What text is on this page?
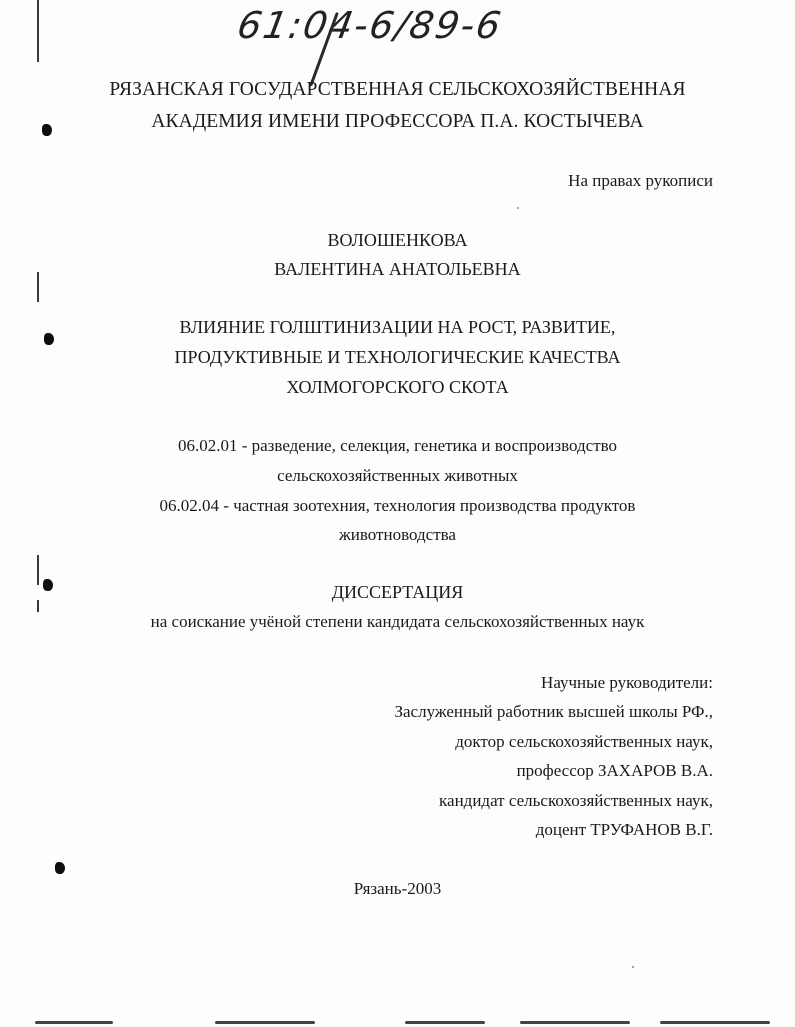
61:04-6/89-6
РЯЗАНСКАЯ ГОСУДАРСТВЕННАЯ СЕЛЬСКОХОЗЯЙСТВЕННАЯ
АКАДЕМИЯ ИМЕНИ ПРОФЕССОРА П.А. КОСТЫЧЕВА
На правах рукописи
ВОЛОШЕНКОВА
ВАЛЕНТИНА АНАТОЛЬЕВНА
ВЛИЯНИЕ ГОЛШТИНИЗАЦИИ НА РОСТ, РАЗВИТИЕ,
ПРОДУКТИВНЫЕ И ТЕХНОЛОГИЧЕСКИЕ КАЧЕСТВА
ХОЛМОГОРСКОГО СКОТА
06.02.01 - разведение, селекция, генетика и воспроизводство
сельскохозяйственных животных
06.02.04 - частная зоотехния, технология производства продуктов
животноводства
ДИССЕРТАЦИЯ
на соискание учёной степени кандидата сельскохозяйственных наук
Научные руководители:
Заслуженный работник высшей школы РФ.,
доктор сельскохозяйственных наук,
профессор ЗАХАРОВ В.А.
кандидат сельскохозяйственных наук,
доцент ТРУФАНОВ В.Г.
Рязань-2003
